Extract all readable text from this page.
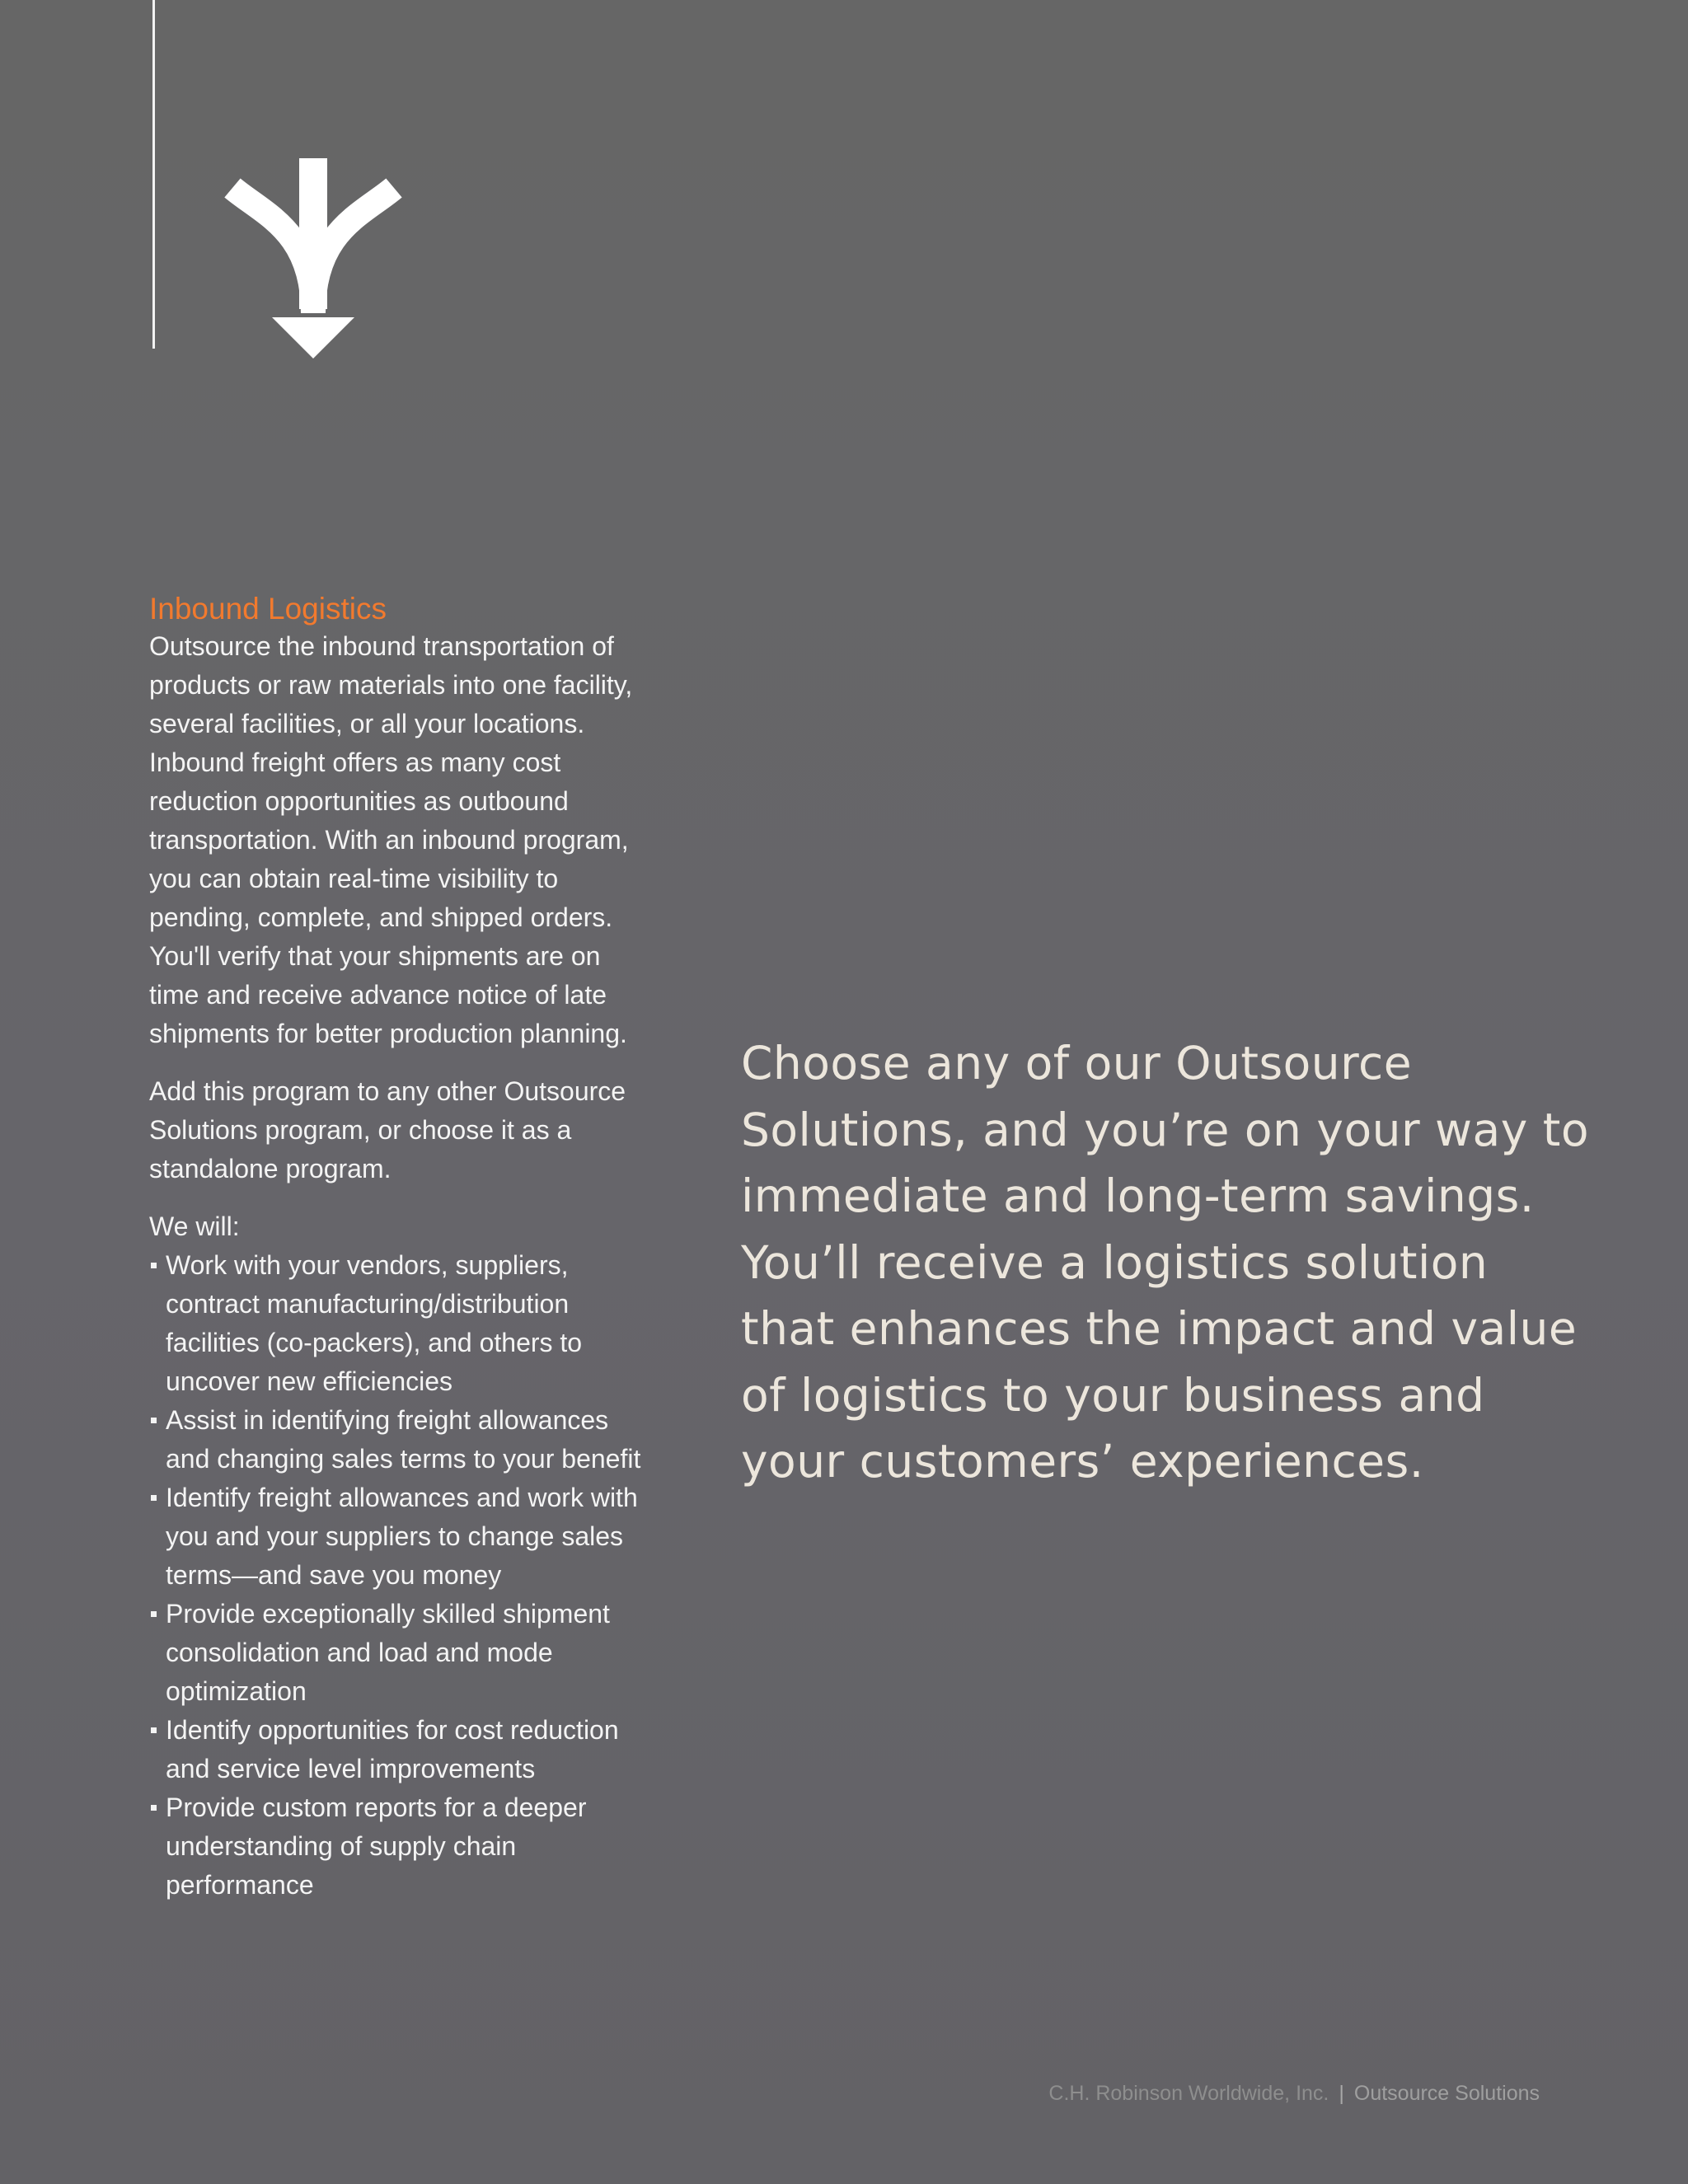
Inbound Logistics

Outsource the inbound transportation of products or raw materials into one facility, several facilities, or all your locations. Inbound freight offers as many cost reduction opportunities as outbound transportation. With an inbound program, you can obtain real-time visibility to pending, complete, and shipped orders. You'll verify that your shipments are on time and receive advance notice of late shipments for better production planning.

Add this program to any other Outsource Solutions program, or choose it as a standalone program.

We will:

Work with your vendors, suppliers, contract manufacturing/distribution facilities (co-packers), and others to uncover new efficiencies
Assist in identifying freight allowances and changing sales terms to your benefit
Identify freight allowances and work with you and your suppliers to change sales terms—and save you money
Provide exceptionally skilled shipment consolidation and load and mode optimization
Identify opportunities for cost reduction and service level improvements
Provide custom reports for a deeper understanding of supply chain performance

Choose any of our Outsource Solutions, and you’re on your way to immediate and long-term savings. You’ll receive a logistics solution that enhances the impact and value of logistics to your business and your customers’ experiences.

C.H. Robinson Worldwide, Inc. | Outsource Solutions
